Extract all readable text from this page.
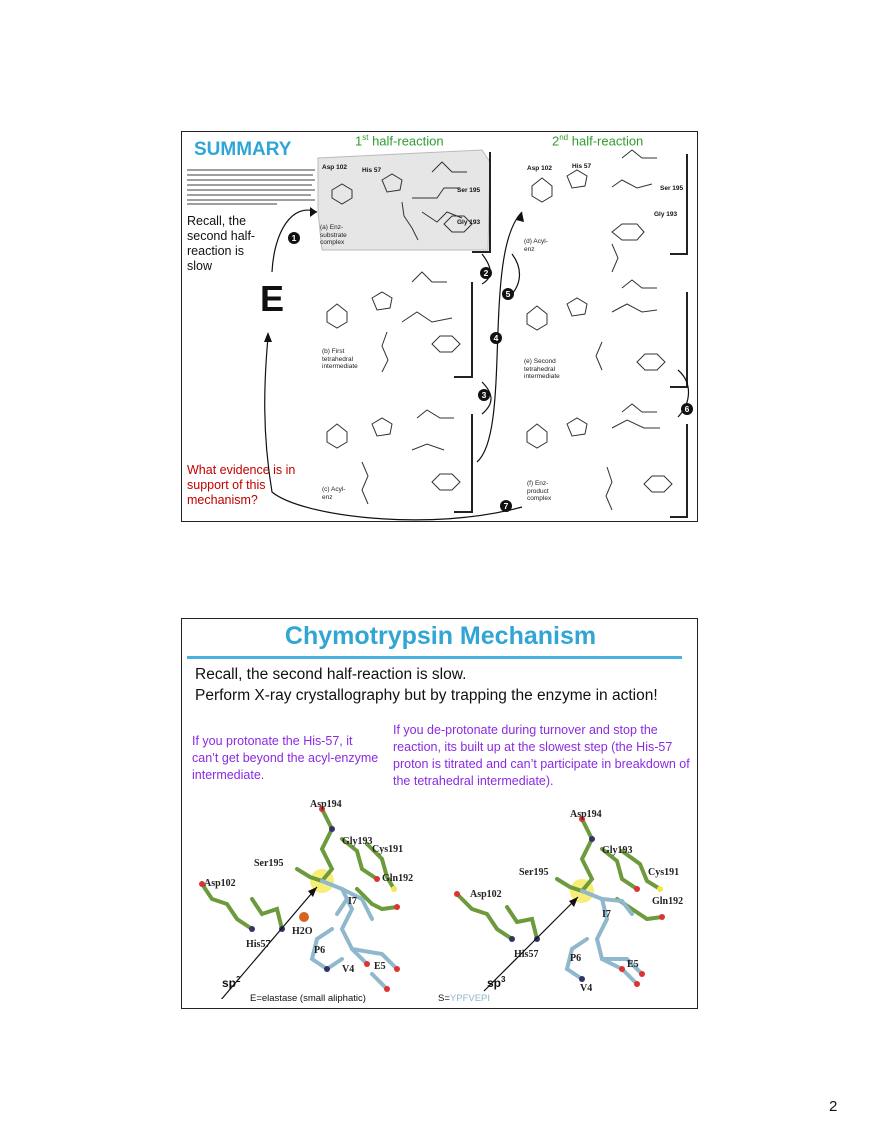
SUMMARY	1st half-reaction	2nd half-reaction
Recall, the second half-reaction is slow
E
What evidence is in support of this mechanism?
Asp 102 His 57
Ser 195
Gly 193
Asp 102	His 57
Ser 195
Gly 193
(a) Enz-
substrate
complex
(b) First
tetrahedral
intermediate
(c) Acyl-
enz
(d) Acyl-
enz
(e) Second
tetrahedral
intermediate
(f) Enz-
product
complex
1
2
3
4
5
6
7
Chymotrypsin Mechanism
Recall, the second half-reaction is slow.
Perform X-ray crystallography but by trapping the enzyme in action!
If you protonate the His-57, it can’t get beyond the acyl-enzyme intermediate.
If you de-protonate during turnover and stop the reaction, its built up at the slowest step (the His-57 proton is titrated and can’t participate in breakdown of the tetrahedral intermediate).
Asp194
Gly193
Ser195
Cys191
Asp102	Gln192
I7
H2O
His57
P6
V4 E5
Asp194
Gly193
Ser195	Cys191
Asp102
Gln192
I7
His57	P6
E5
V4
$sp^2$	$sp^3$
E=elastase (small aliphatic)	S=YPFVEPI
2
